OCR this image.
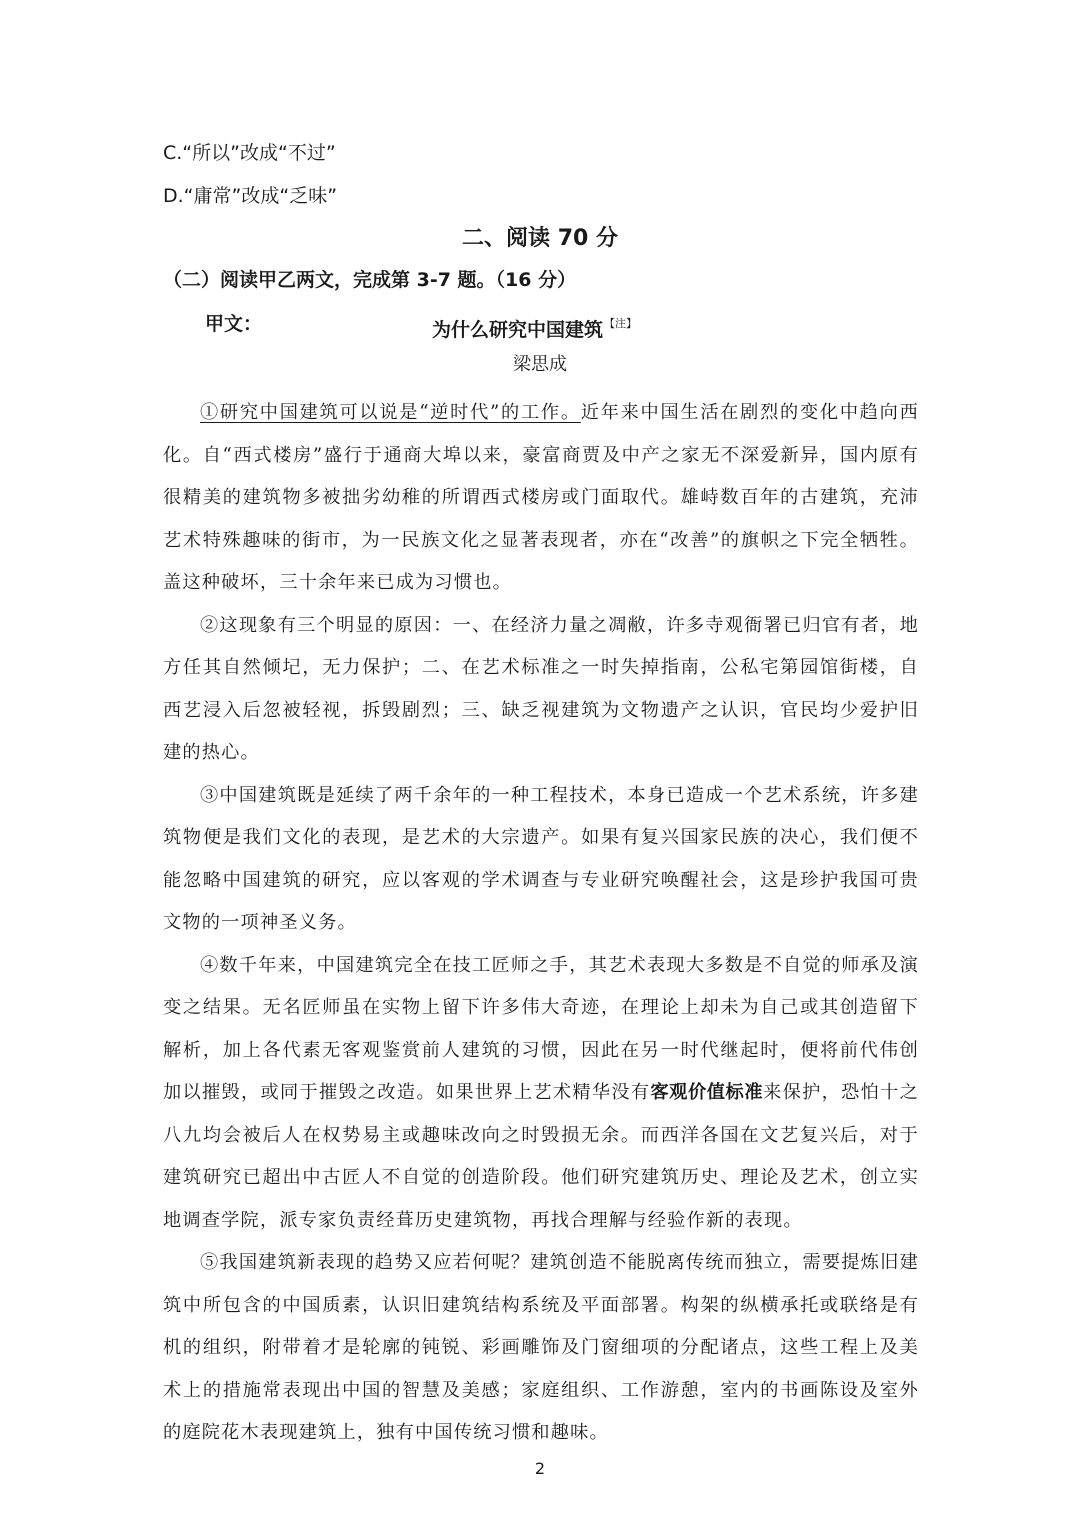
C.“所以”改成“不过”
D.“庸常”改成“乏味”
二、阅读 70 分
（二）阅读甲乙两文，完成第 3-7 题。（16 分）
甲文：	为什么研究中国建筑$^{【注】}$
梁思成

①研究中国建筑可以说是“逆时代”的工作。近年来中国生活在剧烈的变化中趋向西化。自“西式楼房”盛行于通商大埠以来，豪富商贾及中产之家无不深爱新异，国内原有很精美的建筑物多被拙劣幼稚的所谓西式楼房或门面取代。雄峙数百年的古建筑，充沛艺术特殊趣味的街市，为一民族文化之显著表现者，亦在“改善”的旗帜之下完全牺牲。盖这种破坏，三十余年来已成为习惯也。

②这现象有三个明显的原因：一、在经济力量之凋敝，许多寺观衙署已归官有者，地方任其自然倾圮，无力保护；二、在艺术标准之一时失掉指南，公私宅第园馆街楼，自西艺浸入后忽被轻视，拆毁剧烈；三、缺乏视建筑为文物遗产之认识，官民均少爱护旧建的热心。

③中国建筑既是延续了两千余年的一种工程技术，本身已造成一个艺术系统，许多建筑物便是我们文化的表现，是艺术的大宗遗产。如果有复兴国家民族的决心，我们便不能忽略中国建筑的研究，应以客观的学术调查与专业研究唤醒社会，这是珍护我国可贵文物的一项神圣义务。

④数千年来，中国建筑完全在技工匠师之手，其艺术表现大多数是不自觉的师承及演变之结果。无名匠师虽在实物上留下许多伟大奇迹，在理论上却未为自己或其创造留下解析，加上各代素无客观鉴赏前人建筑的习惯，因此在另一时代继起时，便将前代伟创加以摧毁，或同于摧毁之改造。如果世界上艺术精华没有客观价值标准来保护，恐怕十之八九均会被后人在权势易主或趣味改向之时毁损无余。而西洋各国在文艺复兴后，对于建筑研究已超出中古匠人不自觉的创造阶段。他们研究建筑历史、理论及艺术，创立实地调查学院，派专家负责经葺历史建筑物，再找合理解与经验作新的表现。

⑤我国建筑新表现的趋势又应若何呢？建筑创造不能脱离传统而独立，需要提炼旧建筑中所包含的中国质素，认识旧建筑结构系统及平面部署。构架的纵横承托或联络是有机的组织，附带着才是轮廓的钝锐、彩画雕饰及门窗细项的分配诸点，这些工程上及美术上的措施常表现出中国的智慧及美感；家庭组织、工作游憩，室内的书画陈设及室外的庭院花木表现建筑上，独有中国传统习惯和趣味。

2
